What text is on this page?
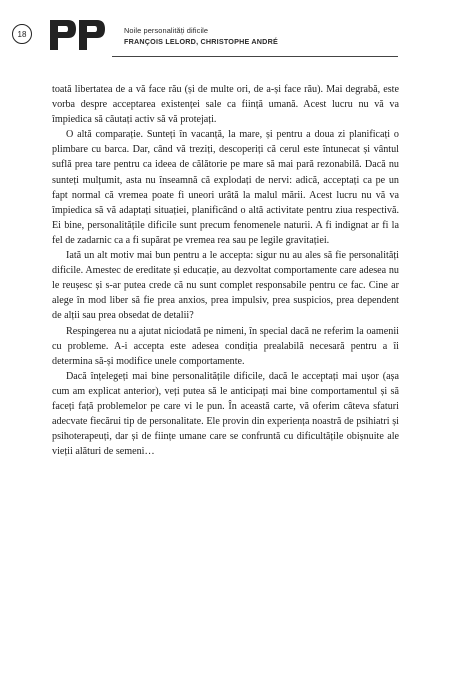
18	Noile personalități dificile
FRANÇOIS LELORD, CHRISTOPHE ANDRÉ

toată libertatea de a vă face rău (și de multe ori, de a-și face rău). Mai degrabă, este vorba despre acceptarea existenței sale ca ființă umană. Acest lucru nu vă va împiedica să căutați activ să vă protejați.

O altă comparație. Sunteți în vacanță, la mare, și pentru a doua zi planificați o plimbare cu barca. Dar, când vă treziți, descoperiți că cerul este întunecat și vântul suflă prea tare pentru ca ideea de călătorie pe mare să mai pară rezonabilă. Dacă nu sunteți mulțumit, asta nu înseamnă că explodați de nervi: adică, acceptați ca pe un fapt normal că vremea poate fi uneori urâtă la malul mării. Acest lucru nu vă va împiedica să vă adaptați situației, planificând o altă activitate pentru ziua respectivă. Ei bine, personalitățile dificile sunt precum fenomenele naturii. A fi indignat ar fi la fel de zadarnic ca a fi supărat pe vremea rea sau pe legile gravitației.

Iată un alt motiv mai bun pentru a le accepta: sigur nu au ales să fie personalități dificile. Amestec de ereditate și educație, au dezvoltat comportamente care adesea nu le reușesc și s-ar putea crede că nu sunt complet responsabile pentru ce fac. Cine ar alege în mod liber să fie prea anxios, prea impulsiv, prea suspicios, prea dependent de alții sau prea obsedat de detalii?

Respingerea nu a ajutat niciodată pe nimeni, în special dacă ne referim la oamenii cu probleme. A-i accepta este adesea condiția prealabilă necesară pentru a îi determina să-și modifice unele comportamente.

Dacă înțelegeți mai bine personalitățile dificile, dacă le acceptați mai ușor (așa cum am explicat anterior), veți putea să le anticipați mai bine comportamentul și să faceți față problemelor pe care vi le pun. În această carte, vă oferim câteva sfaturi adecvate fiecărui tip de personalitate. Ele provin din experiența noastră de psihiatri și psihoterapeuți, dar și de ființe umane care se confruntă cu dificultățile obișnuite ale vieții alături de semeni…
